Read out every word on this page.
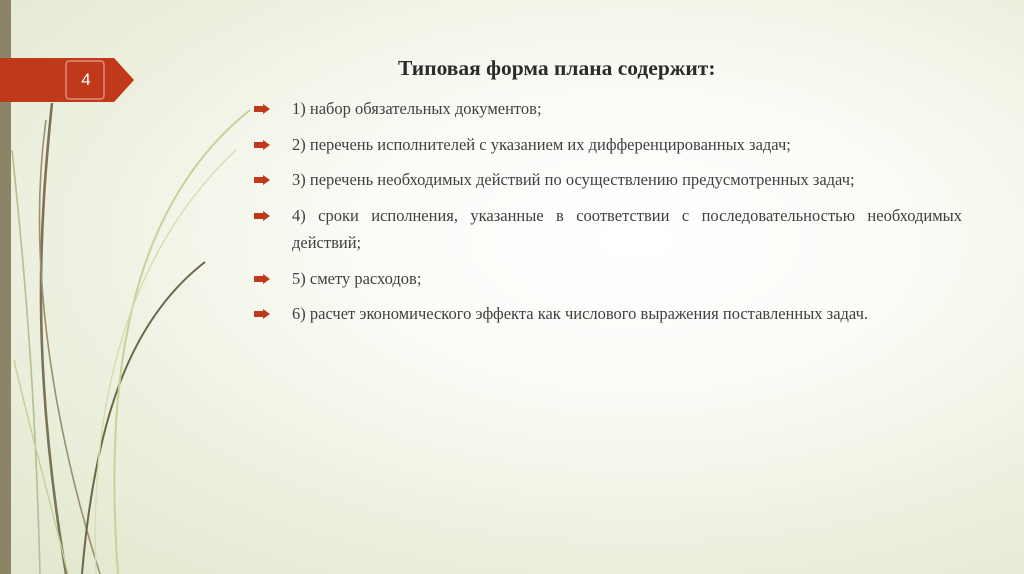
4	Типовая форма плана содержит:
1) набор обязательных документов;
2) перечень исполнителей с указанием их дифференцированных задач;
3) перечень необходимых действий по осуществлению предусмотренных задач;
4) сроки исполнения, указанные в соответствии с последовательностью необходимых действий;
5) смету расходов;
6) расчет экономического эффекта как числового выражения поставленных задач.
